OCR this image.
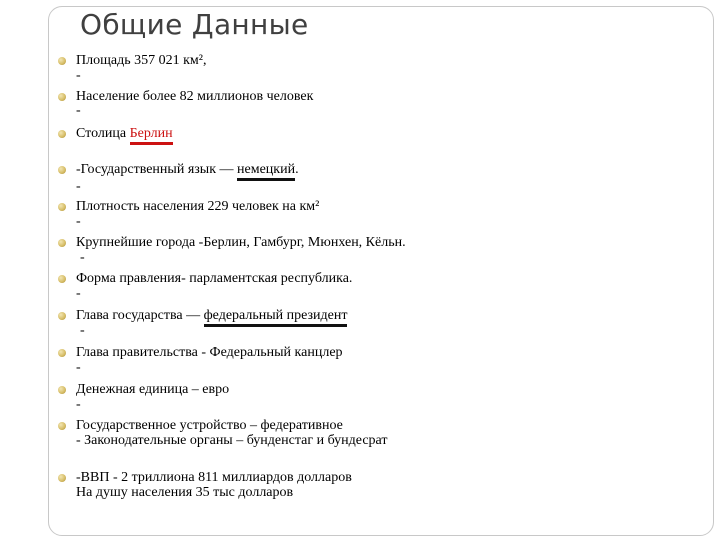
Общие Данные
Площадь 357 021 км²,
-
Население более 82 миллионов человек
-
Столица Берлин
-Государственный язык — немецкий.
-
Плотность населения 229 человек на км²
-
Крупнейшие города -Берлин, Гамбург, Мюнхен, Кёльн.
-
Форма правления- парламентская республика.
-
Глава государства — федеральный президент
-
Глава правительства - Федеральный канцлер
-
Денежная единица – евро
-
Государственное устройство – федеративное
- Законодательные органы – бунденстаг и бундесрат
-ВВП - 2 триллиона 811 миллиардов долларов
На душу населения 35 тыс долларов
